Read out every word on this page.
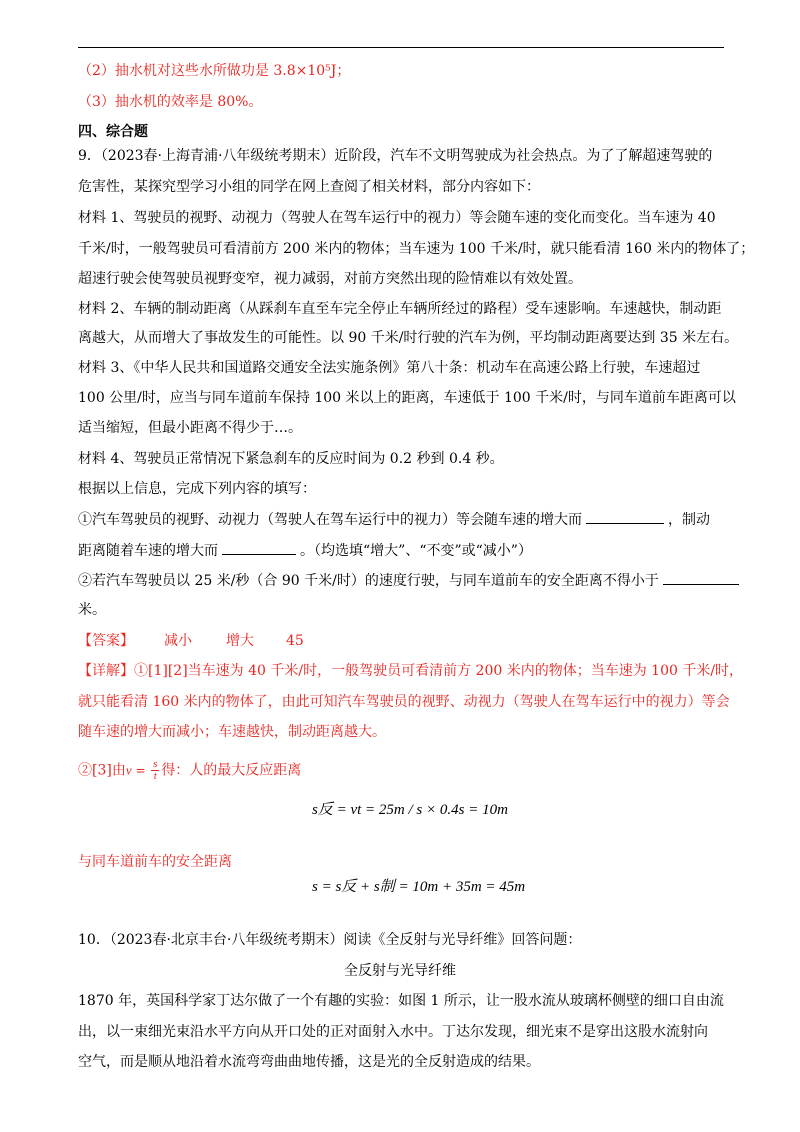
（2）抽水机对这些水所做功是 3.8×10⁵J；
（3）抽水机的效率是 80%。
四、综合题
9．（2023春·上海青浦·八年级统考期末）近阶段，汽车不文明驾驶成为社会热点。为了了解超速驾驶的
危害性，某探究型学习小组的同学在网上查阅了相关材料，部分内容如下：
材料 1、驾驶员的视野、动视力（驾驶人在驾车运行中的视力）等会随车速的变化而变化。当车速为 40
千米/时，一般驾驶员可看清前方 200 米内的物体；当车速为 100 千米/时，就只能看清 160 米内的物体了；
超速行驶会使驾驶员视野变窄，视力减弱，对前方突然出现的险情难以有效处置。
材料 2、车辆的制动距离（从踩刹车直至车完全停止车辆所经过的路程）受车速影响。车速越快，制动距
离越大，从而增大了事故发生的可能性。以 90 千米/时行驶的汽车为例，平均制动距离要达到 35 米左右。
材料 3、《中华人民共和国道路交通安全法实施条例》第八十条：机动车在高速公路上行驶，车速超过
100 公里/时，应当与同车道前车保持 100 米以上的距离，车速低于 100 千米/时，与同车道前车距离可以
适当缩短，但最小距离不得少于…。
材料 4、驾驶员正常情况下紧急刹车的反应时间为 0.2 秒到 0.4 秒。
根据以上信息，完成下列内容的填写：
①汽车驾驶员的视野、动视力（驾驶人在驾车运行中的视力）等会随车速的增大而	，制动
距离随着车速的增大而	。（均选填“增大”、“不变”或“减小”）
②若汽车驾驶员以 25 米/秒（合 90 千米/时）的速度行驶，与同车道前车的安全距离不得小于
米。
【答案】 减小 增大 45
【详解】①[1][2]当车速为 40 千米/时，一般驾驶员可看清前方 200 米内的物体；当车速为 100 千米/时，
就只能看清 160 米内的物体了，由此可知汽车驾驶员的视野、动视力（驾驶人在驾车运行中的视力）等会
随车速的增大而减小；车速越快，制动距离越大。
②[3]由$v = \frac{s}{t}$ 得：人的最大反应距离
s反 = vt = 25m / s × 0.4s = 10m
与同车道前车的安全距离
s = s反 + s制 = 10m + 35m = 45m
10．（2023春·北京丰台·八年级统考期末）阅读《全反射与光导纤维》回答问题：
全反射与光导纤维
1870 年，英国科学家丁达尔做了一个有趣的实验：如图 1 所示，让一股水流从玻璃杯侧壁的细口自由流
出，以一束细光束沿水平方向从开口处的正对面射入水中。丁达尔发现，细光束不是穿出这股水流射向
空气，而是顺从地沿着水流弯弯曲曲地传播，这是光的全反射造成的结果。
